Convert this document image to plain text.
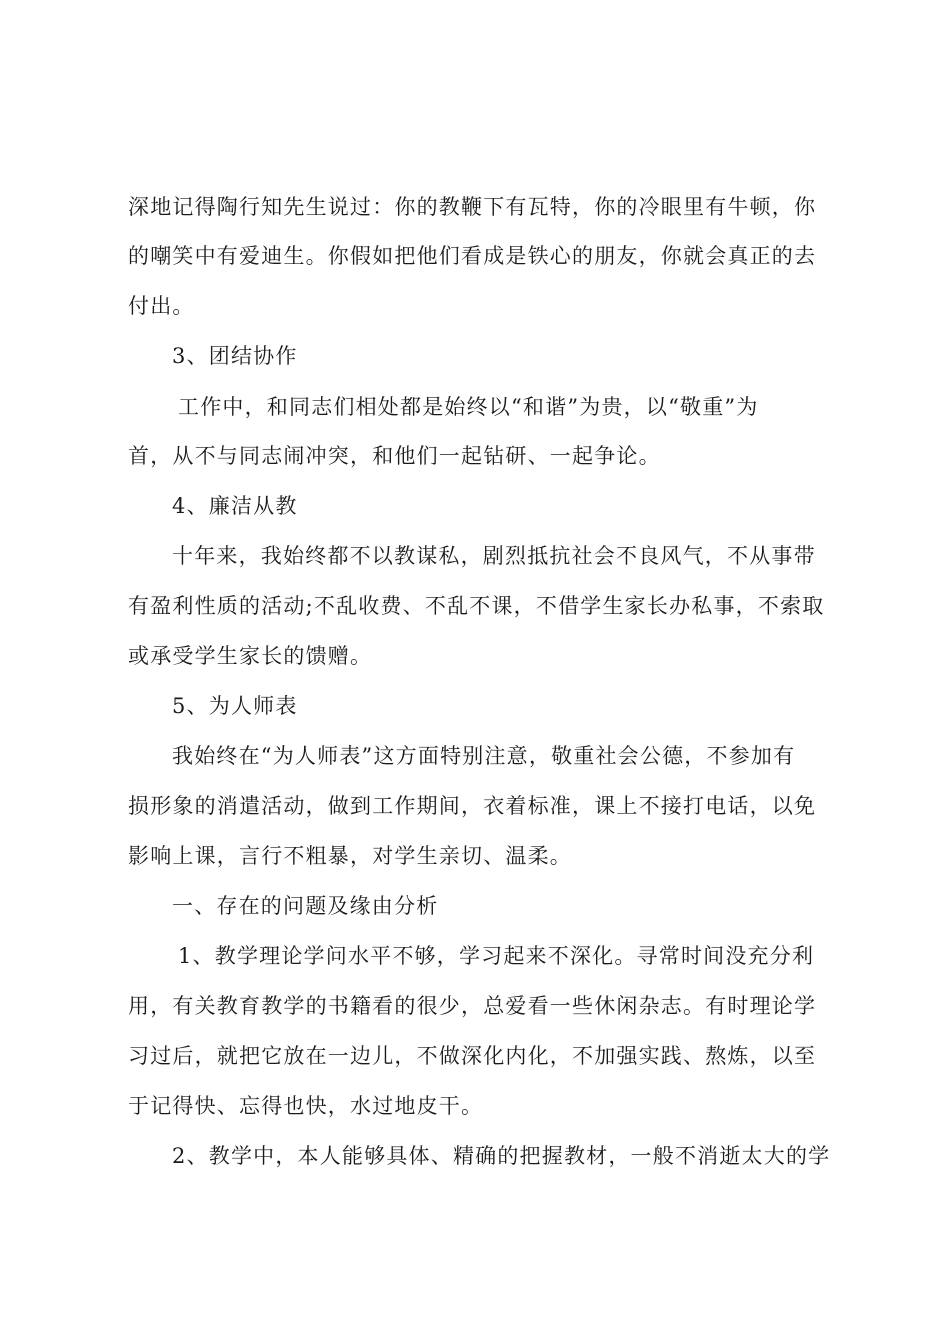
深地记得陶行知先生说过：你的教鞭下有瓦特，你的冷眼里有牛顿，你
的嘲笑中有爱迪生。你假如把他们看成是铁心的朋友，你就会真正的去
付出。
3、团结协作
工作中，和同志们相处都是始终以“和谐”为贵，以“敬重”为
首，从不与同志闹冲突，和他们一起钻研、一起争论。
4、廉洁从教
十年来，我始终都不以教谋私，剧烈抵抗社会不良风气，不从事带
有盈利性质的活动;不乱收费、不乱不课，不借学生家长办私事，不索取
或承受学生家长的馈赠。
5、为人师表
我始终在“为人师表”这方面特别注意，敬重社会公德，不参加有
损形象的消遣活动，做到工作期间，衣着标准，课上不接打电话，以免
影响上课，言行不粗暴，对学生亲切、温柔。
一、存在的问题及缘由分析
1、教学理论学问水平不够，学习起来不深化。寻常时间没充分利
用，有关教育教学的书籍看的很少，总爱看一些休闲杂志。有时理论学
习过后，就把它放在一边儿，不做深化内化，不加强实践、熬炼，以至
于记得快、忘得也快，水过地皮干。
2、教学中，本人能够具体、精确的把握教材，一般不消逝太大的学
